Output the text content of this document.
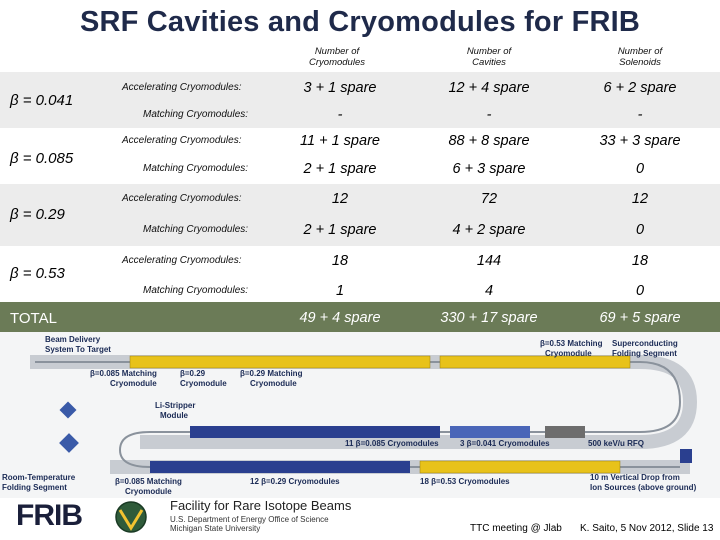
SRF Cavities and Cryomodules for FRIB
Number of
Cryomodules
Number of
Cavities
Number of
Solenoids
β = 0.041
Accelerating Cryomodules:	3 + 1 spare	12 + 4 spare	6 + 2 spare
Matching Cryomodules:	-	-	-
β = 0.085
Accelerating Cryomodules:	11 + 1 spare	88 + 8 spare	33 + 3 spare
Matching Cryomodules:	2 + 1 spare	6 + 3 spare	0
β = 0.29
Accelerating Cryomodules:	12	72	12
Matching Cryomodules:	2 + 1 spare	4 + 2 spare	0
β = 0.53
Accelerating Cryomodules:	18	144	18
Matching Cryomodules:	1	4	0
TOTAL	49 + 4 spare	330 + 17 spare	69 + 5 spare
Beam Delivery
System To Target
β=0.085 Matching
Cryomodule
β=0.29
Cryomodule
β=0.29 Matching
Cryomodule
β=0.53 Matching
Cryomodule
Superconducting
Folding Segment
Li-Stripper
Module
11 β=0.085 Cryomodules	3 β=0.041 Cryomodules	500 keV/u RFQ
Room-Temperature
Folding Segment
β=0.085 Matching
Cryomodule
12 β=0.29 Cryomodules	18 β=0.53 Cryomodules	10 m Vertical Drop from
Ion Sources (above ground)
FRIB	Facility for Rare Isotope Beams
U.S. Department of Energy Office of Science
Michigan State University	TTC meeting @ Jlab K. Saito, 5 Nov 2012, Slide 13
